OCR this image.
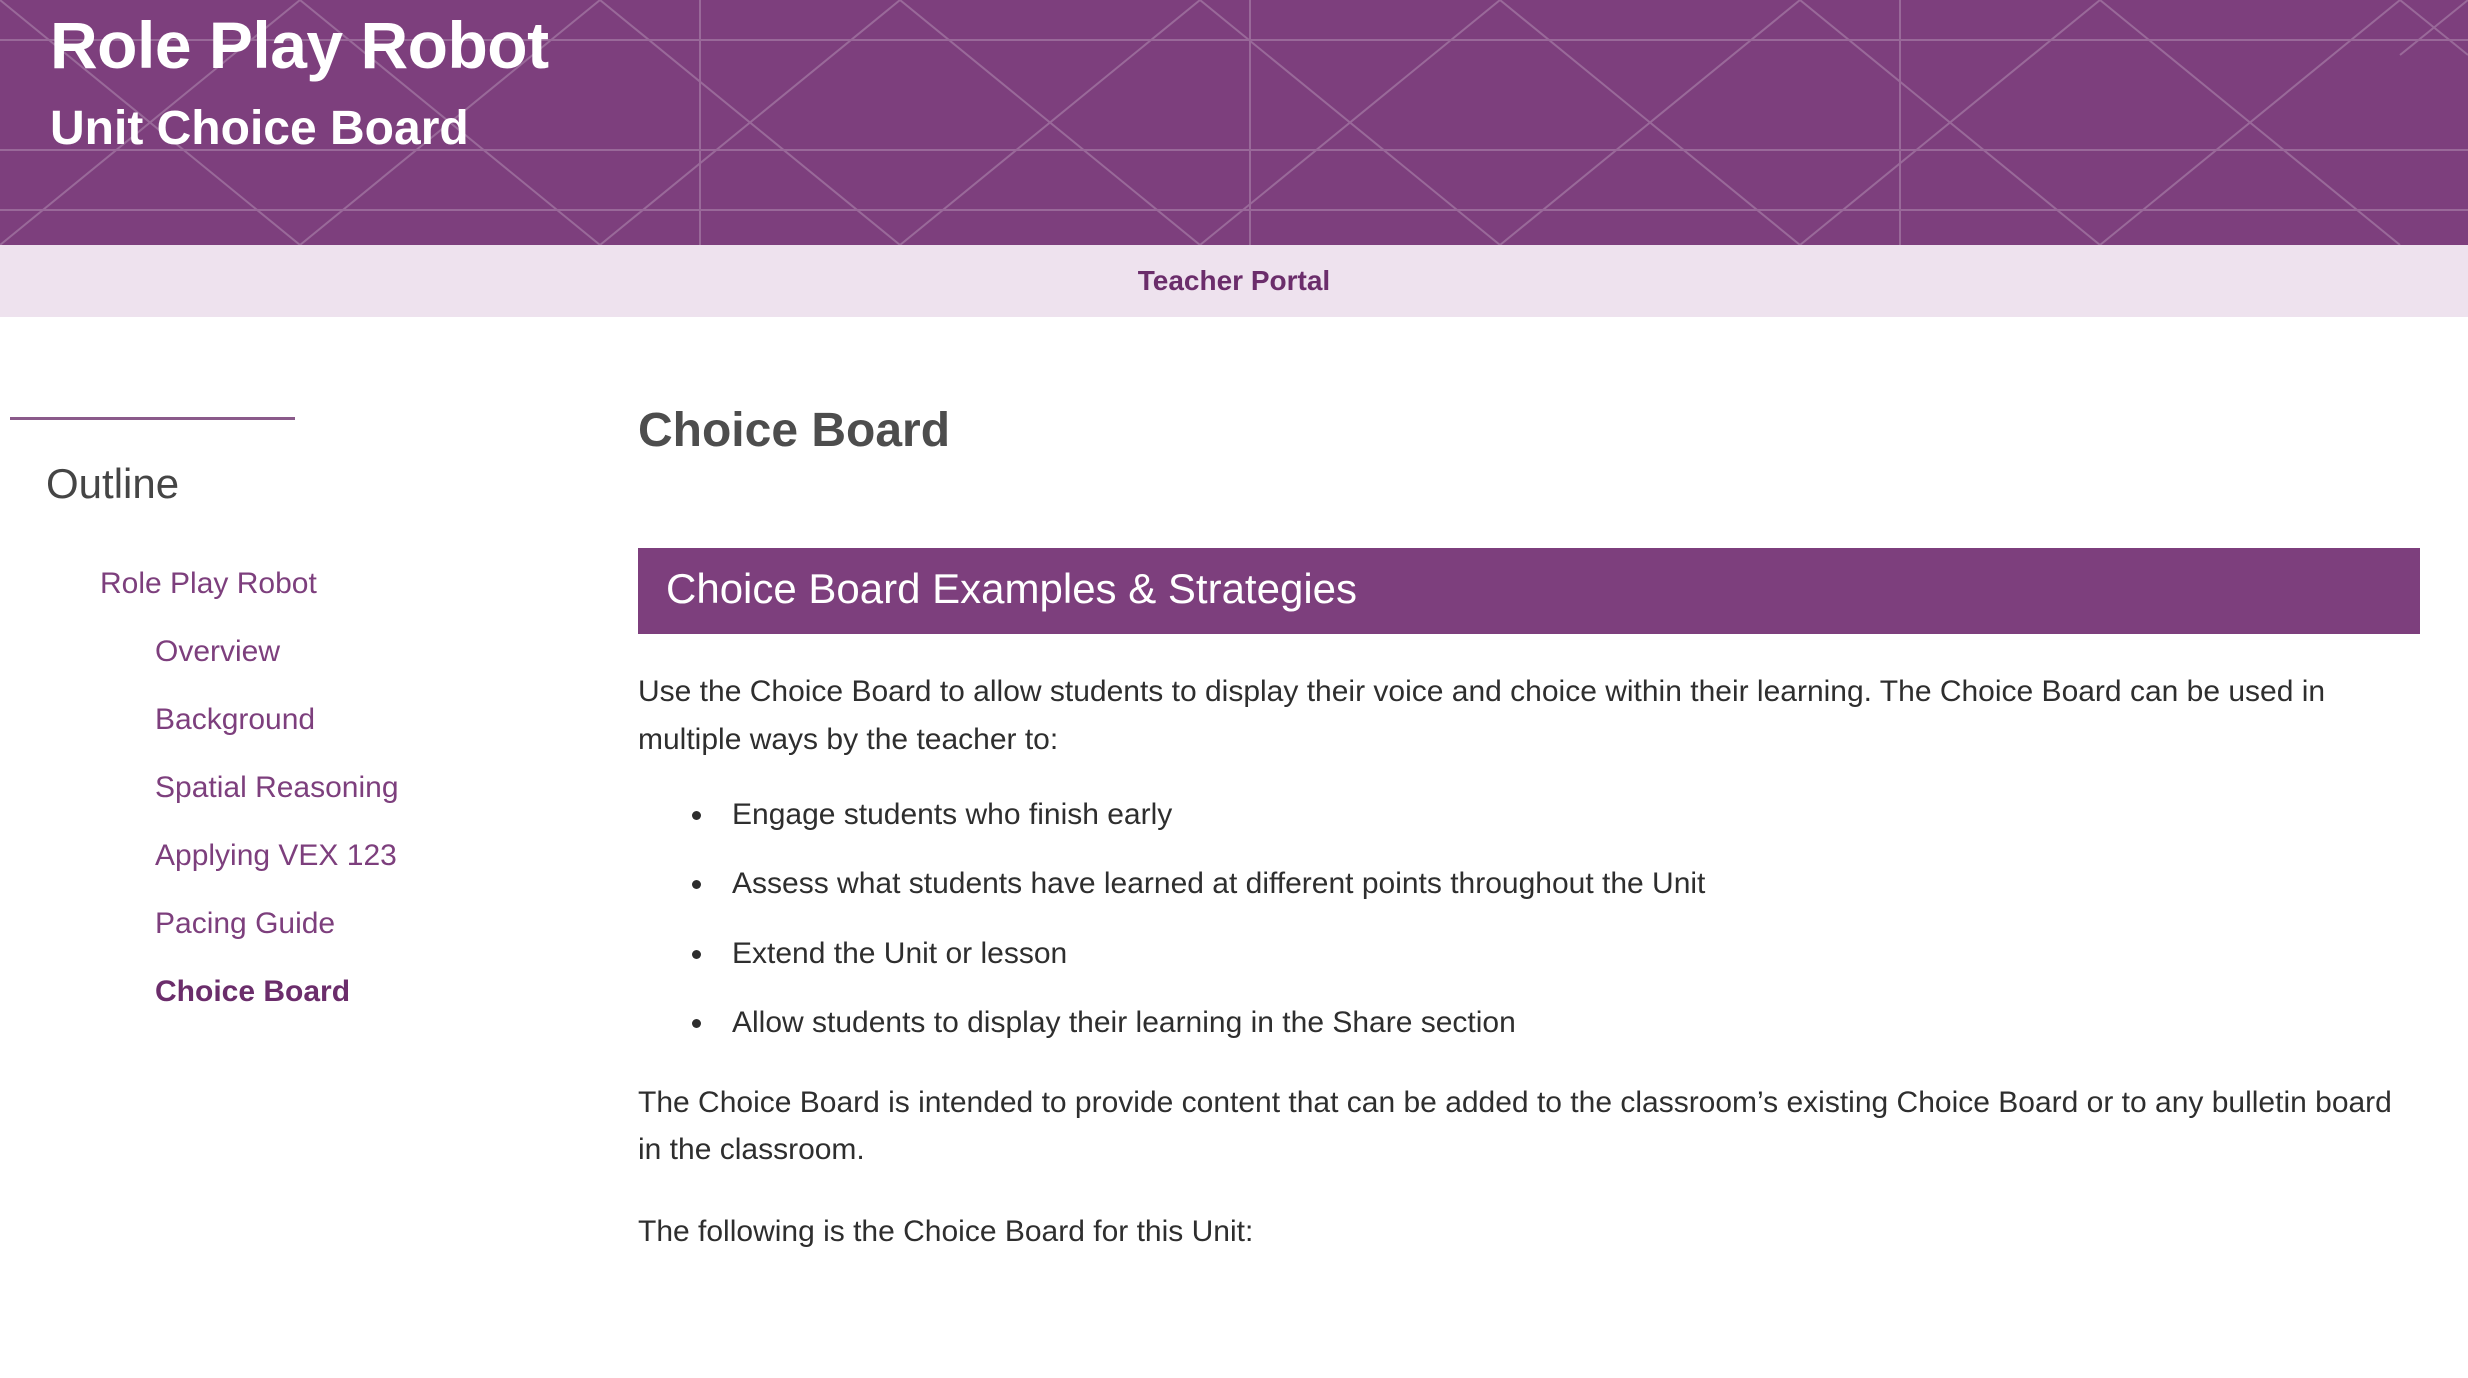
Role Play Robot
Unit Choice Board
Teacher Portal
Outline
Role Play Robot
Overview
Background
Spatial Reasoning
Applying VEX 123
Pacing Guide
Choice Board
Choice Board
Choice Board Examples & Strategies

Use the Choice Board to allow students to display their voice and choice within their learning. The Choice Board can be used in multiple ways by the teacher to:

• Engage students who finish early
• Assess what students have learned at different points throughout the Unit
• Extend the Unit or lesson
• Allow students to display their learning in the Share section

The Choice Board is intended to provide content that can be added to the classroom’s existing Choice Board or to any bulletin board in the classroom.

The following is the Choice Board for this Unit:
